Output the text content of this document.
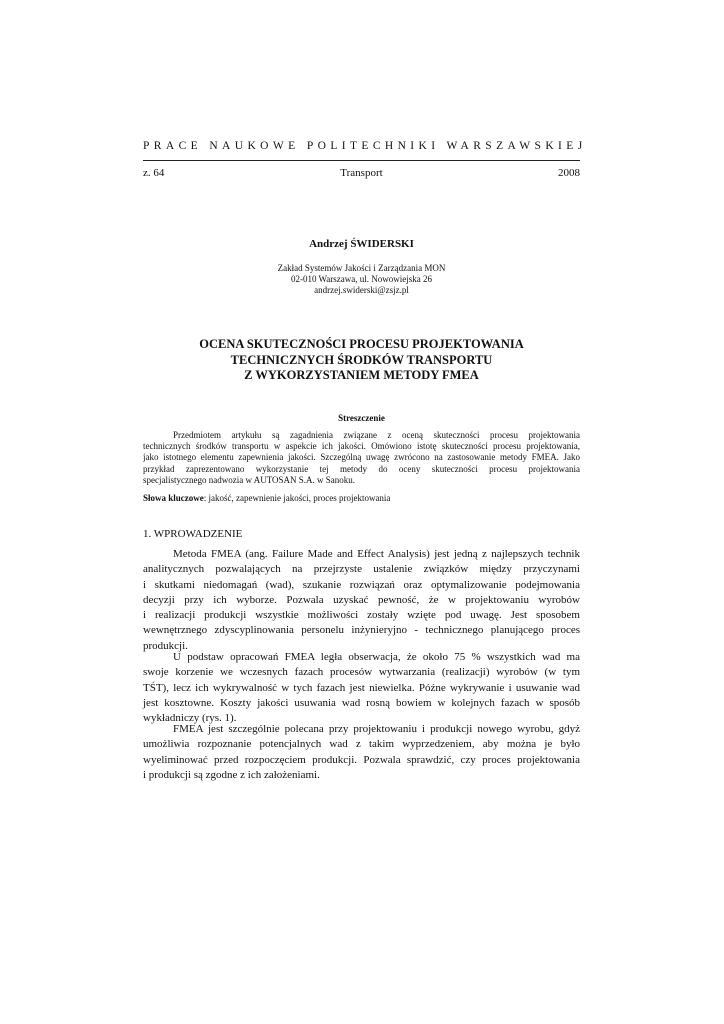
PRACE NAUKOWE POLITECHNIKI WARSZAWSKIEJ
z. 64	Transport	2008
Andrzej ŚWIDERSKI
Zakład Systemów Jakości i Zarządzania MON
02-010 Warszawa, ul. Nowowiejska 26
andrzej.swiderski@zsjz.pl
OCENA SKUTECZNOŚCI PROCESU PROJEKTOWANIA
TECHNICZNYCH ŚRODKÓW TRANSPORTU
Z WYKORZYSTANIEM METODY FMEA
Streszczenie
Przedmiotem artykułu są zagadnienia związane z oceną skuteczności procesu projektowania
technicznych środków transportu w aspekcie ich jakości. Omówiono istotę skuteczności procesu projektowania,
jako istotnego elementu zapewnienia jakości. Szczególną uwagę zwrócono na zastosowanie metody FMEA. Jako
przykład zaprezentowano wykorzystanie tej metody do oceny skuteczności procesu projektowania
specjalistycznego nadwozia w AUTOSAN S.A. w Sanoku.
Słowa kluczowe: jakość, zapewnienie jakości, proces projektowania
1. WPROWADZENIE
Metoda FMEA (ang. Failure Made and Effect Analysis) jest jedną z najlepszych technik
analitycznych pozwalających na przejrzyste ustalenie związków między przyczynami
i skutkami niedomagań (wad), szukanie rozwiązań oraz optymalizowanie podejmowania
decyzji przy ich wyborze. Pozwala uzyskać pewność, że w projektowaniu wyrobów
i realizacji produkcji wszystkie możliwości zostały wzięte pod uwagę. Jest sposobem
wewnętrznego zdyscyplinowania personelu inżynieryjno - technicznego planującego proces
produkcji.
U podstaw opracowań FMEA legła obserwacja, że około 75 % wszystkich wad ma
swoje korzenie we wczesnych fazach procesów wytwarzania (realizacji) wyrobów (w tym
TŚT), lecz ich wykrywalność w tych fazach jest niewielka. Późne wykrywanie i usuwanie wad
jest kosztowne. Koszty jakości usuwania wad rosną bowiem w kolejnych fazach w sposób
wykładniczy (rys. 1).
FMEA jest szczególnie polecana przy projektowaniu i produkcji nowego wyrobu, gdyż
umożliwia rozpoznanie potencjalnych wad z takim wyprzedzeniem, aby można je było
wyeliminować przed rozpoczęciem produkcji. Pozwala sprawdzić, czy proces projektowania
i produkcji są zgodne z ich założeniami.
